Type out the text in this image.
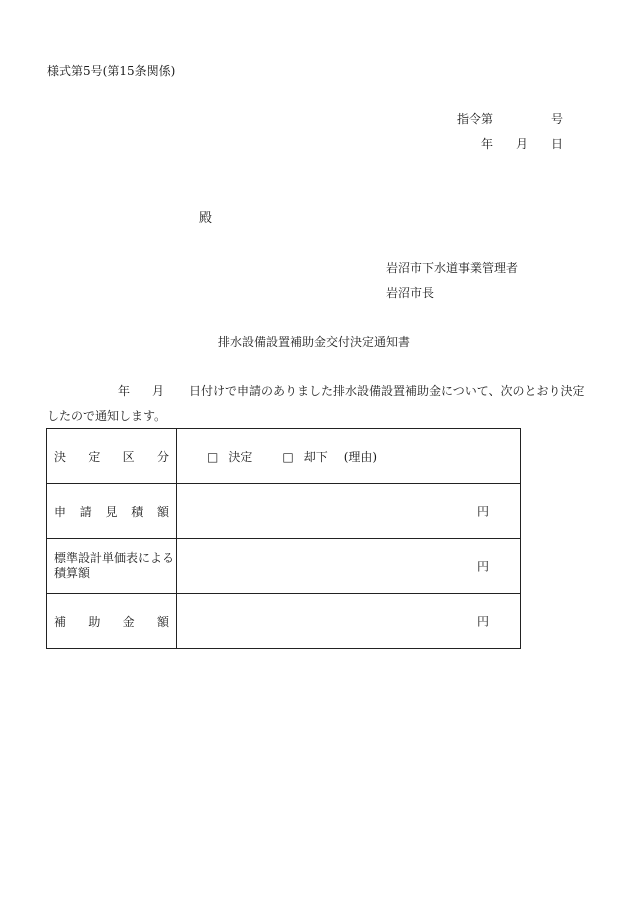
様式第5号(第15条関係)
指令第	号
年 月 日
殿
岩沼市下水道事業管理者
岩沼市長
排水設備設置補助金交付決定通知書
年 月 日付けで申請のありました排水設備設置補助金について、次のとおり決定
したので通知します。
決 定 区 分	□ 決定 □ 却下 (理由)

申 請 見 積 額	円

標準設計単価表による積算額	円

補 助 金 額	円
